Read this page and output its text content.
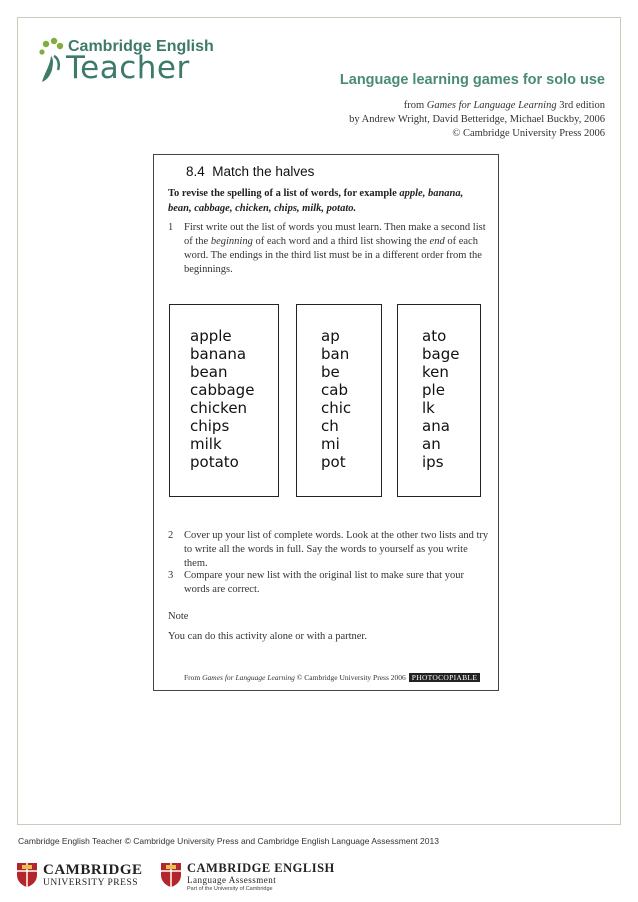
Cambridge English
Teacher	Language learning games for solo use
from Games for Language Learning 3rd edition
by Andrew Wright, David Betteridge, Michael Buckby, 2006
© Cambridge University Press 2006
8.4 Match the halves
To revise the spelling of a list of words, for example apple, banana, bean, cabbage, chicken, chips, milk, potato.
1 First write out the list of words you must learn. Then make a second list of the beginning of each word and a third list showing the end of each word. The endings in the third list must be in a different order from the beginnings.
apple
banana
bean
cabbage
chicken
chips
milk
potato
ap
ban
be
cab
chic
ch
mi
pot
ato
bage
ken
ple
lk
ana
an
ips
2 Cover up your list of complete words. Look at the other two lists and try to write all the words in full. Say the words to yourself as you write them.
3 Compare your new list with the original list to make sure that your words are correct.
Note
You can do this activity alone or with a partner.
From Games for Language Learning © Cambridge University Press 2006 PHOTOCOPIABLE
Cambridge English Teacher © Cambridge University Press and Cambridge English Language Assessment 2013
CAMBRIDGE
UNIVERSITY PRESS
CAMBRIDGE ENGLISH
Language Assessment
Part of the University of Cambridge
